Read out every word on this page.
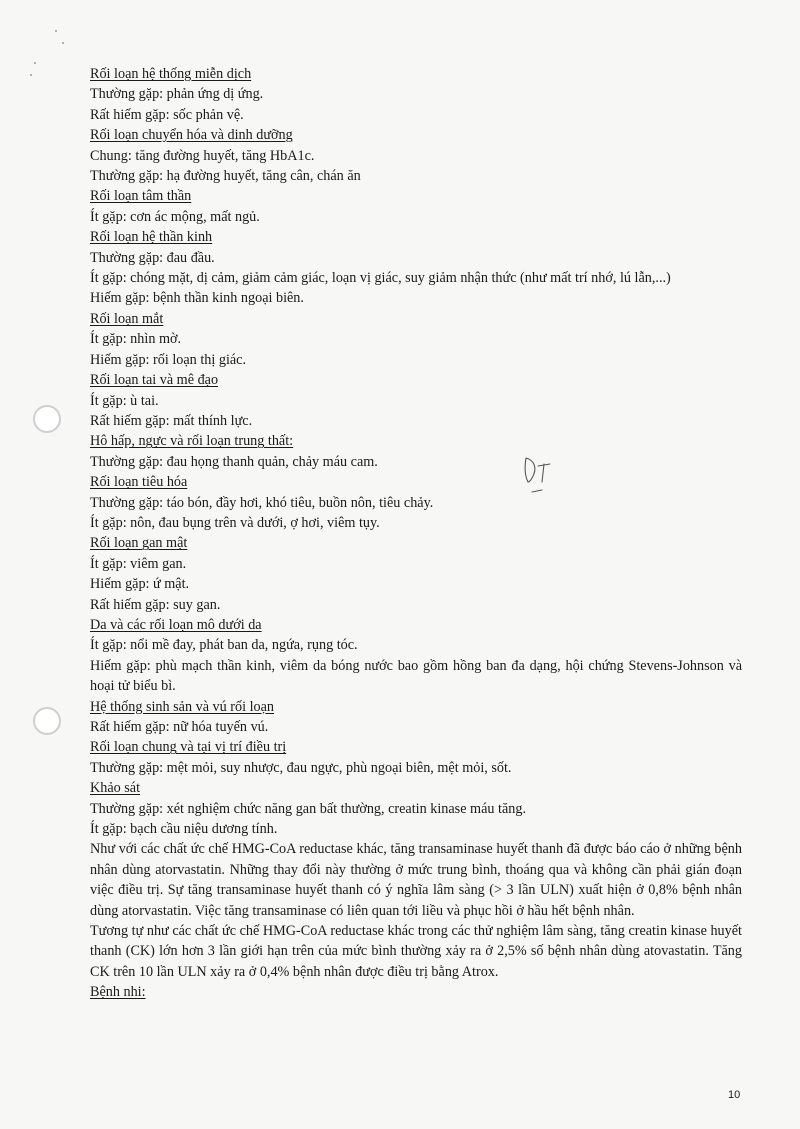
Rối loạn hệ thống miễn dịch

Thường gặp: phản ứng dị ứng.

Rất hiếm gặp: sốc phản vệ.

Rối loạn chuyển hóa và dinh dưỡng

Chung: tăng đường huyết, tăng HbA1c.

Thường gặp: hạ đường huyết, tăng cân, chán ăn

Rối loạn tâm thần

Ít gặp: cơn ác mộng, mất ngủ.

Rối loạn hệ thần kinh

Thường gặp: đau đầu.

Ít gặp: chóng mặt, dị cảm, giảm cảm giác, loạn vị giác, suy giảm nhận thức (như mất trí nhớ, lú lẫn,...)

Hiếm gặp: bệnh thần kinh ngoại biên.

Rối loạn mắt

Ít gặp: nhìn mờ.

Hiếm gặp: rối loạn thị giác.

Rối loạn tai và mê đạo

Ít gặp: ù tai.

Rất hiếm gặp: mất thính lực.

Hô hấp, ngực và rối loạn trung thất:

Thường gặp: đau họng thanh quản, chảy máu cam.

Rối loạn tiêu hóa

Thường gặp: táo bón, đầy hơi, khó tiêu, buồn nôn, tiêu chảy.

Ít gặp: nôn, đau bụng trên và dưới, ợ hơi, viêm tụy.

Rối loạn gan mật

Ít gặp: viêm gan.

Hiếm gặp: ứ mật.

Rất hiếm gặp: suy gan.

Da và các rối loạn mô dưới da

Ít gặp: nổi mề đay, phát ban da, ngứa, rụng tóc.

Hiếm gặp: phù mạch thần kinh, viêm da bóng nước bao gồm hồng ban đa dạng, hội chứng Stevens-Johnson và hoại tử biểu bì.

Hệ thống sinh sản và vú rối loạn

Rất hiếm gặp: nữ hóa tuyến vú.

Rối loạn chung và tại vị trí điều trị

Thường gặp: mệt mỏi, suy nhược, đau ngực, phù ngoại biên, mệt mỏi, sốt.

Khảo sát

Thường gặp: xét nghiệm chức năng gan bất thường, creatin kinase máu tăng.

Ít gặp: bạch cầu niệu dương tính.

Như với các chất ức chế HMG-CoA reductase khác, tăng transaminase huyết thanh đã được báo cáo ở những bệnh nhân dùng atorvastatin. Những thay đổi này thường ở mức trung bình, thoáng qua và không cần phải gián đoạn việc điều trị. Sự tăng transaminase huyết thanh có ý nghĩa lâm sàng (> 3 lần ULN) xuất hiện ở 0,8% bệnh nhân dùng atorvastatin. Việc tăng transaminase có liên quan tới liều và phục hồi ở hầu hết bệnh nhân.

Tương tự như các chất ức chế HMG-CoA reductase khác trong các thử nghiệm lâm sàng, tăng creatin kinase huyết thanh (CK) lớn hơn 3 lần giới hạn trên của mức bình thường xảy ra ở 2,5% số bệnh nhân dùng atovastatin. Tăng CK trên 10 lần ULN xảy ra ở 0,4% bệnh nhân được điều trị bằng Atrox.

Bệnh nhi:

10
